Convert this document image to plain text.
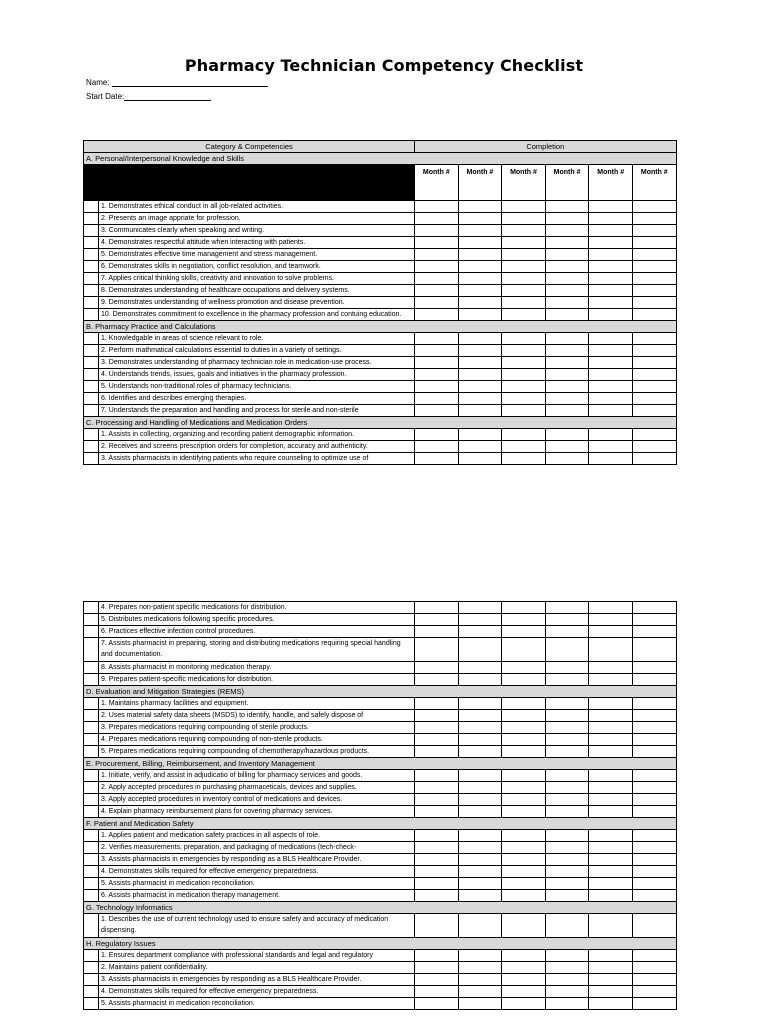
Pharmacy Technician Competency Checklist
Name:
Start Date:
Category & Competencies		Completion					
A. Personal/Interpersonal Knowledge and Skills							
		Month #	Month #	Month #	Month #	Month #	Month #
	1. Demonstrates ethical conduct in all job-related activities.						
	2. Presents an image appriate for profession.						
	3. Communicates clearly when speaking and writing.						
	4. Demonstrates respectful attitude when interacting with patients.						
	5. Demonstrates effective time management and stress management.						
	6. Demonstrates skills in negotiation, conflict resolution, and teamwork.						
	7. Applies critical thinking skills, creativity and innovation to solve problems.						
	8. Demonstrates understanding of healthcare occupations and delivery systems.						
	9. Demonstrates understanding of wellness promotion and disease prevention.						
	10. Demonstrates commitment to excellence in the pharmacy profession and contuing education.						
B. Pharmacy Practice and Calculations							
	1. Knowledgable in areas of science relevant to role.						
	2. Perform mathmatical calculations essential to duties in a variety of settings.						
	3. Demonstrates understanding of pharmacy technician role in medication-use process.						
	4. Understands trends, issues, goals and initiatives in the pharmacy profession.						
	5. Understands non-traditional roles of pharmacy technicians.						
	6. Identifies and describes emerging therapies.						
	7. Understands the preparation and handling and process for sterile and non-sterile						
C. Processing and Handling of Medications and Medication Orders							
	1. Assists in collecting, organizing and recording patient demographic information.						
	2. Receives and screens prescription orders for completion, accuracy and authenticity.						
	3. Assists pharmacists in identifying patients who require counseling to optimize use of						
	4. Prepares non-patient specific medications for distribution.						
	5. Distributes medications following specific procedures.						
	6. Practices effective infection control procedures.						
	7. Assists pharmacist in preparing, storing and distributing medications requiring special handling and documentation.						
	8. Assists pharmacist in monitoring medication therapy.						
	9. Prepares patient-specific medications for distribution.						
D. Evaluation and Mitigation Strategies (REMS)							
	1. Maintains pharmacy facilities and equipment.						
	2. Uses material safety data sheets (MSDS) to identify, handle, and safely dispose of						
	3. Prepares medications requiring compounding of sterile products.						
	4. Prepares medications requiring compounding of non-sterile products.						
	5. Prepares medications requiring compounding of chemotherapy/hazardous products.						
E. Procurement, Billing, Reimbursement, and Inventory Management							
	1. Initiate, verify, and assist in adjudicatio of billing for pharmacy services and goods.						
	2. Apply accepted procedures in purchasing pharmaceticals, devices and supplies.						
	3. Apply accepted procedures in inventory control of medications and devices.						
	4. Explain pharmacy reimbursement plans for covering pharmacy services.						
F. Patient and Medication Safety							
	1. Applies patient and medication safety practices in all aspects of role.						
	2. Verifies measurements, preparation, and packaging of medications (tech-check-						
	3. Assists pharmacists in emergencies by responding as a BLS Healthcare Provider.						
	4. Demonstrates skills required for effective emergency preparedness.						
	5. Assists pharmacist in medication reconciliation.						
	6. Assists pharmacist in medication therapy management.						
G. Technology Informatics							
	1. Describes the use of current technology used to ensure safety and accuracy of medication dispensing.						
H. Regulatory Issues							
	1. Ensures department compliance with professional standards and legal and regulatory						
	2. Maintains patient confidentiality.						
	3. Assists pharmacists in emergencies by responding as a BLS Healthcare Provider.						
	4. Demonstrates skills required for effective emergency preparedness.						
	5. Assists pharmacist in medication reconciliation.						
